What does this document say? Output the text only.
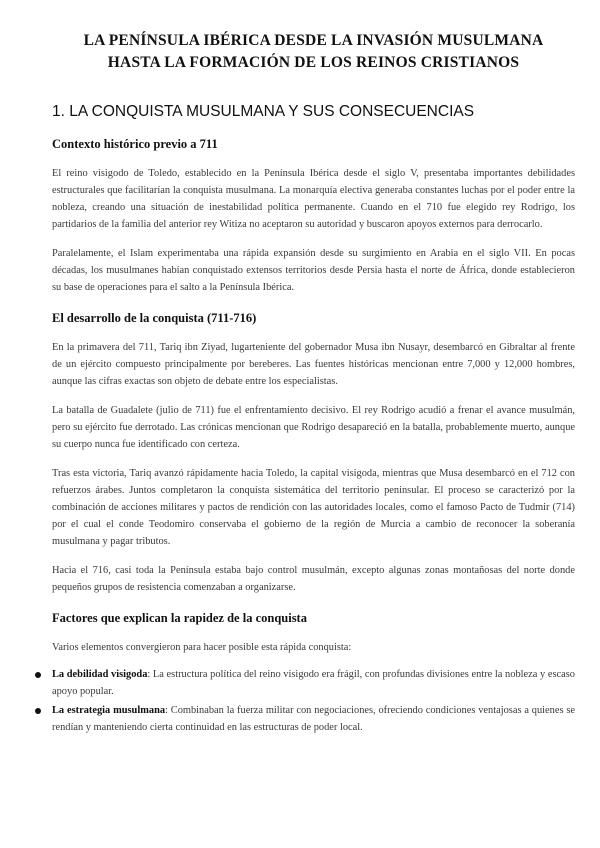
LA PENÍNSULA IBÉRICA DESDE LA INVASIÓN MUSULMANA
HASTA LA FORMACIÓN DE LOS REINOS CRISTIANOS
1. LA CONQUISTA MUSULMANA Y SUS CONSECUENCIAS
Contexto histórico previo a 711

El reino visigodo de Toledo, establecido en la Península Ibérica desde el siglo V, presentaba importantes debilidades estructurales que facilitarían la conquista musulmana. La monarquía electiva generaba constantes luchas por el poder entre la nobleza, creando una situación de inestabilidad política permanente. Cuando en el 710 fue elegido rey Rodrigo, los partidarios de la familia del anterior rey Witiza no aceptaron su autoridad y buscaron apoyos externos para derrocarlo.

Paralelamente, el Islam experimentaba una rápida expansión desde su surgimiento en Arabia en el siglo VII. En pocas décadas, los musulmanes habían conquistado extensos territorios desde Persia hasta el norte de África, donde establecieron su base de operaciones para el salto a la Península Ibérica.

El desarrollo de la conquista (711-716)

En la primavera del 711, Tariq ibn Ziyad, lugarteniente del gobernador Musa ibn Nusayr, desembarcó en Gibraltar al frente de un ejército compuesto principalmente por bereberes. Las fuentes históricas mencionan entre 7,000 y 12,000 hombres, aunque las cifras exactas son objeto de debate entre los especialistas.

La batalla de Guadalete (julio de 711) fue el enfrentamiento decisivo. El rey Rodrigo acudió a frenar el avance musulmán, pero su ejército fue derrotado. Las crónicas mencionan que Rodrigo desapareció en la batalla, probablemente muerto, aunque su cuerpo nunca fue identificado con certeza.

Tras esta victoria, Tariq avanzó rápidamente hacia Toledo, la capital visigoda, mientras que Musa desembarcó en el 712 con refuerzos árabes. Juntos completaron la conquista sistemática del territorio peninsular. El proceso se caracterizó por la combinación de acciones militares y pactos de rendición con las autoridades locales, como el famoso Pacto de Tudmir (714) por el cual el conde Teodomiro conservaba el gobierno de la región de Murcia a cambio de reconocer la soberanía musulmana y pagar tributos.

Hacia el 716, casi toda la Península estaba bajo control musulmán, excepto algunas zonas montañosas del norte donde pequeños grupos de resistencia comenzaban a organizarse.

Factores que explican la rapidez de la conquista

Varios elementos convergieron para hacer posible esta rápida conquista:

La debilidad visigoda: La estructura política del reino visigodo era frágil, con profundas divisiones entre la nobleza y escaso apoyo popular.
La estrategia musulmana: Combinaban la fuerza militar con negociaciones, ofreciendo condiciones ventajosas a quienes se rendían y manteniendo cierta continuidad en las estructuras de poder local.
